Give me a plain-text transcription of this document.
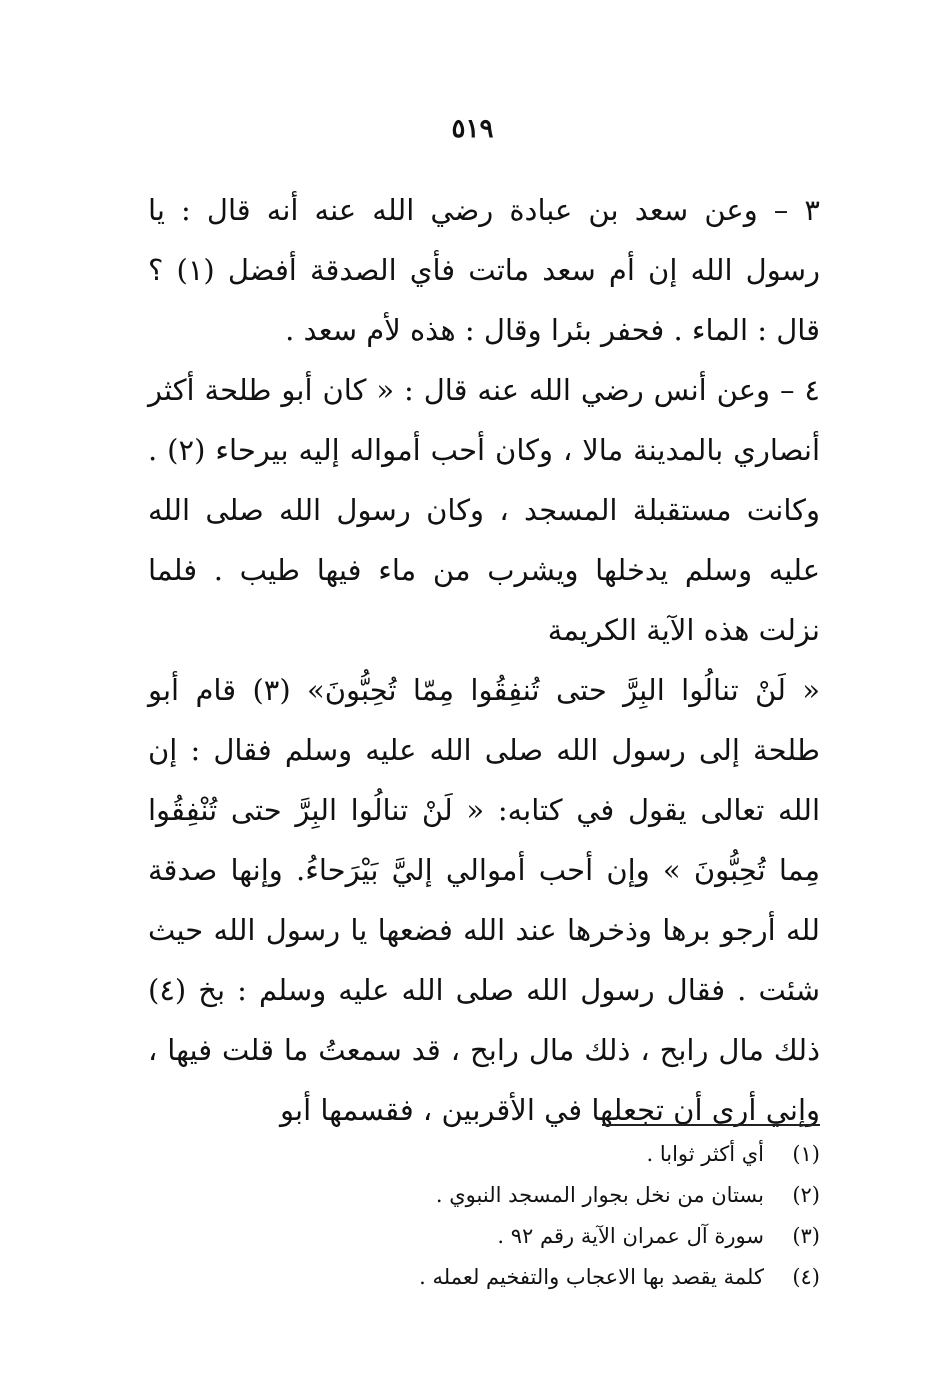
٥١٩

٣ – وعن سعد بن عبادة رضي الله عنه أنه قال : يا رسول الله إن أم سعد ماتت فأي الصدقة أفضل (١) ؟ قال : الماء . فحفر بئرا وقال : هذه لأم سعد .

٤ – وعن أنس رضي الله عنه قال : « كان أبو طلحة أكثر أنصاري بالمدينة مالا ، وكان أحب أمواله إليه بيرحاء (٢) . وكانت مستقبلة المسجد ، وكان رسول الله صلى الله عليه وسلم يدخلها ويشرب من ماء فيها طيب . فلما نزلت هذه الآية الكريمة

« لَنْ تنالُوا البِرَّ حتى تُنفِقُوا مِمّا تُحِبُّونَ» (٣) قام أبو طلحة إلى رسول الله صلى الله عليه وسلم فقال : إن الله تعالى يقول في كتابه: « لَنْ تنالُوا البِرَّ حتى تُنْفِقُوا مِما تُحِبُّونَ » وإن أحب أموالي إليَّ بَيْرَحاءُ. وإنها صدقة لله أرجو برها وذخرها عند الله فضعها يا رسول الله حيث شئت . فقال رسول الله صلى الله عليه وسلم : بخ (٤) ذلك مال رابح ، ذلك مال رابح ، قد سمعتُ ما قلت فيها ، وإني أرى أن تجعلها في الأقربين ، فقسمها أبو

(١)أي أكثر ثوابا .

(٢)بستان من نخل بجوار المسجد النبوي .

(٣)سورة آل عمران الآية رقم ٩٢ .

(٤)كلمة يقصد بها الاعجاب والتفخيم لعمله .
